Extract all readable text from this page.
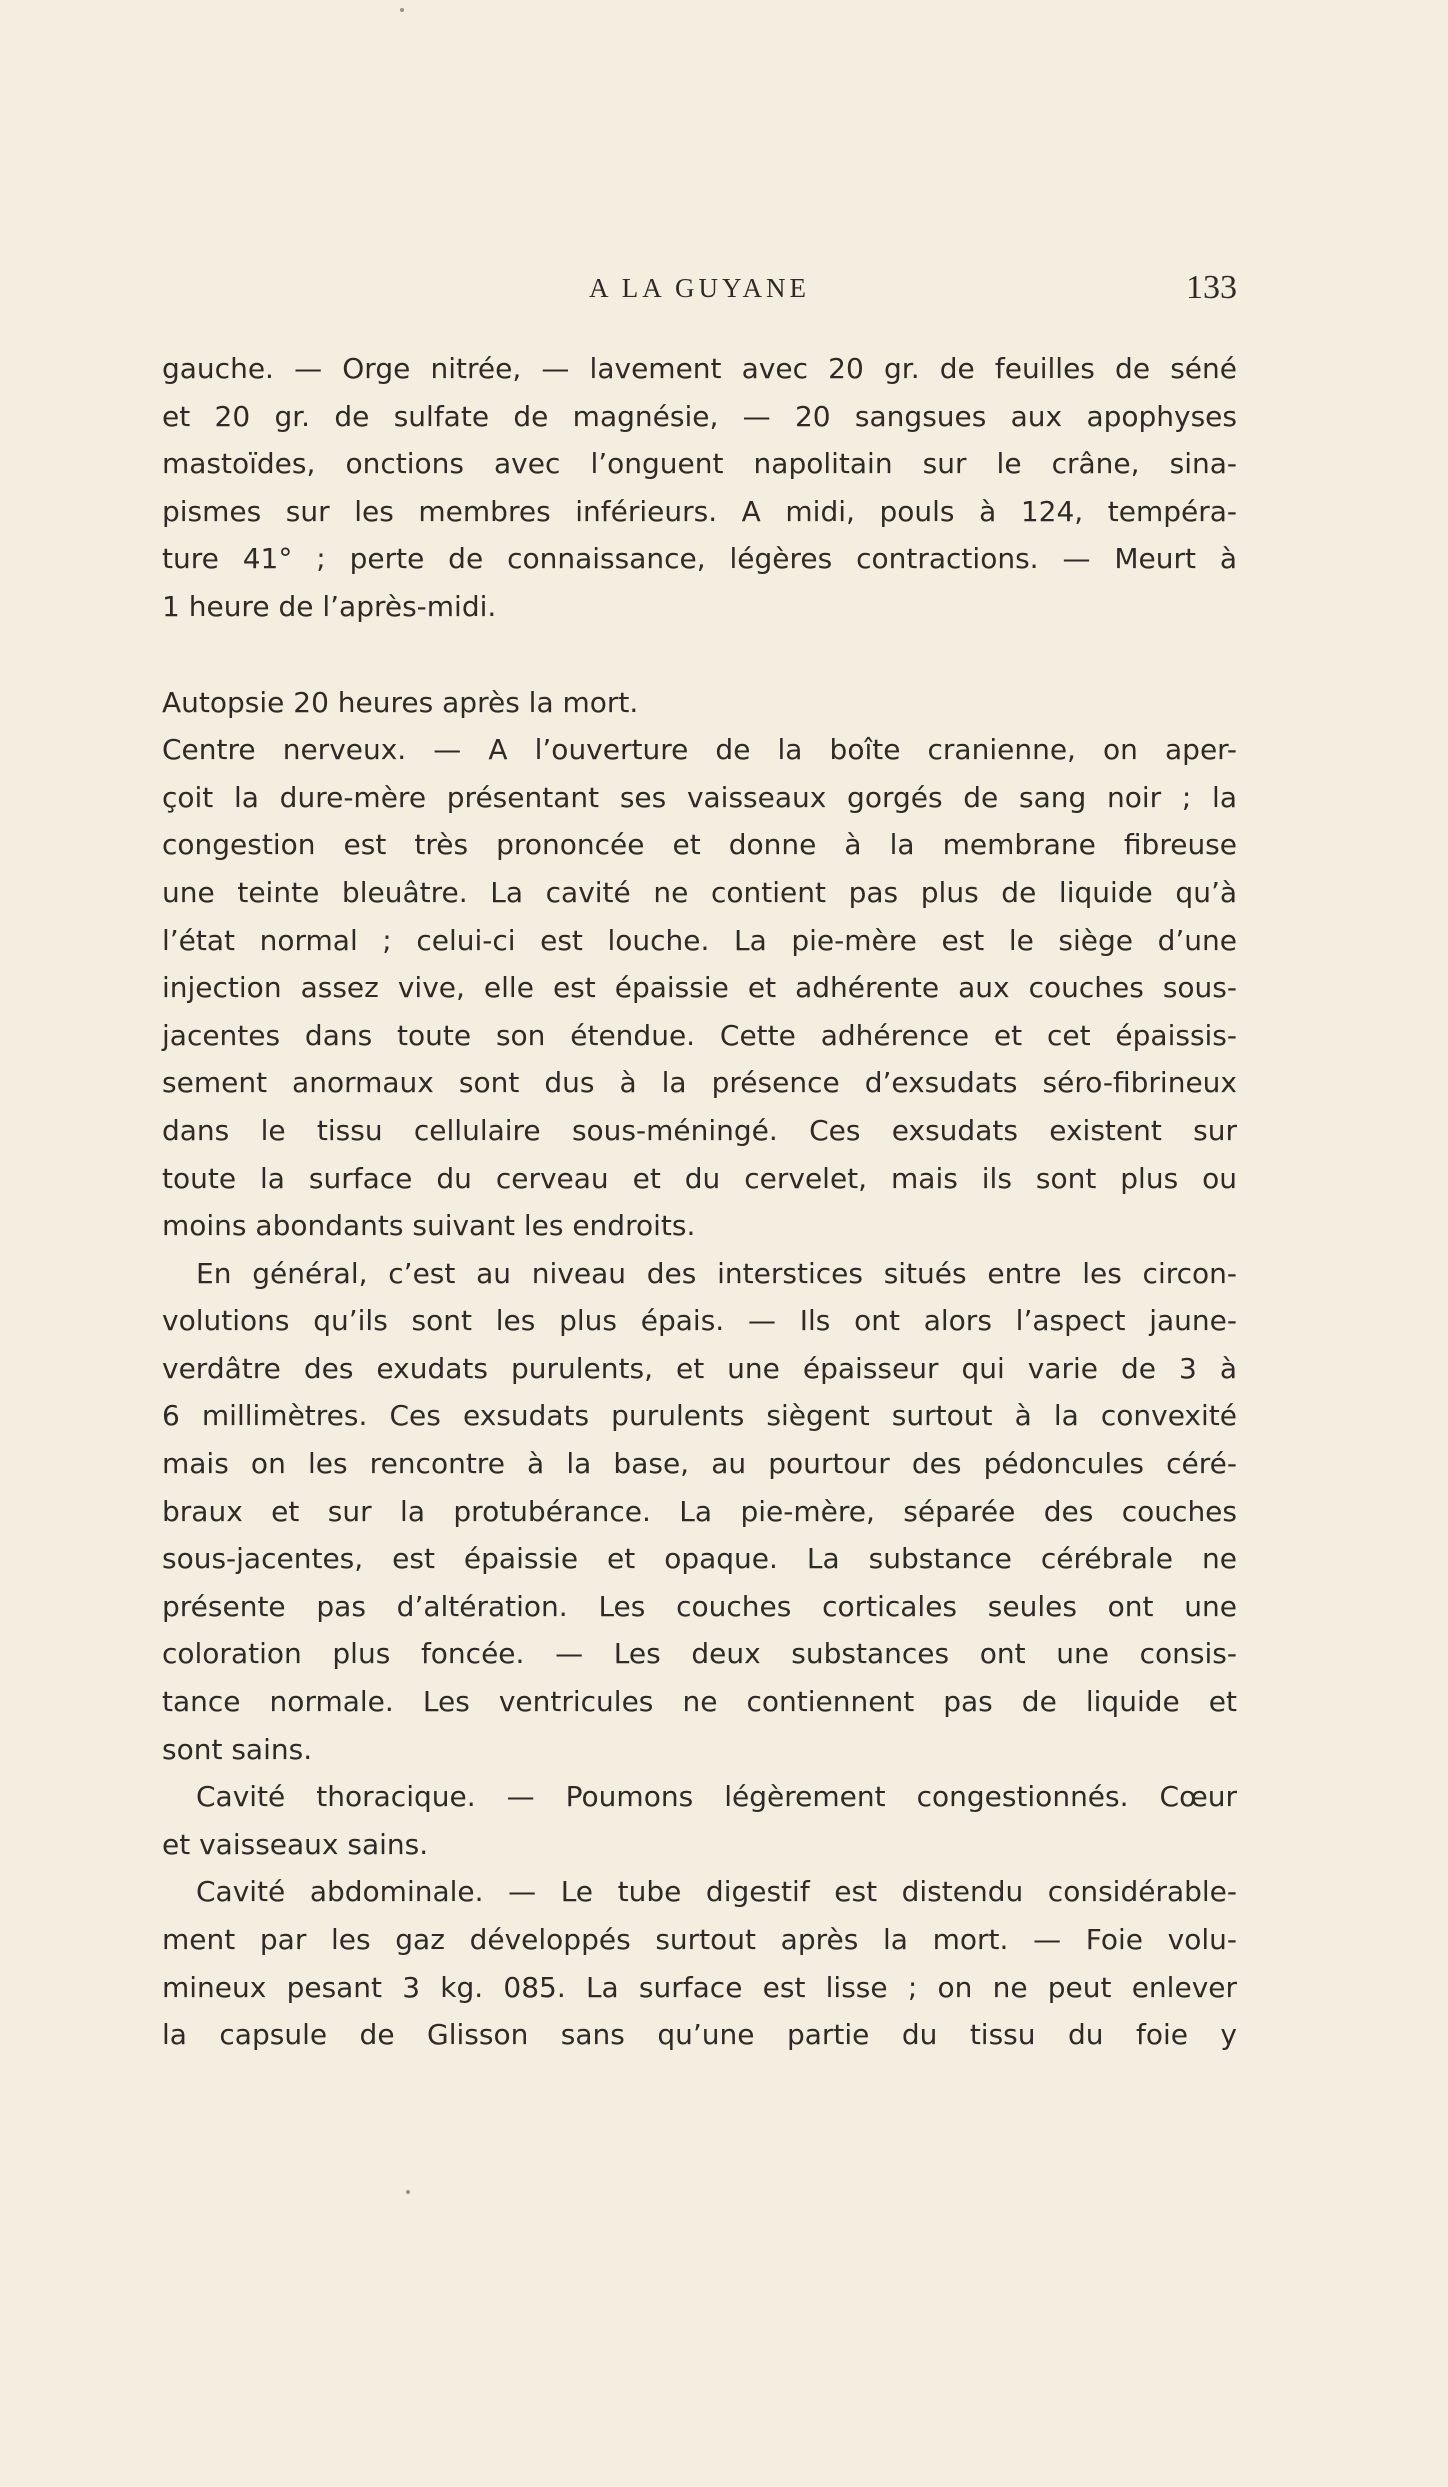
A LA GUYANE	133
gauche. — Orge nitrée, — lavement avec 20 gr. de feuilles de séné
et 20 gr. de sulfate de magnésie, — 20 sangsues aux apophyses
mastoïdes, onctions avec l’onguent napolitain sur le crâne, sina-
pismes sur les membres inférieurs. A midi, pouls à 124, tempéra-
ture 41° ; perte de connaissance, légères contractions. — Meurt à
1 heure de l’après-midi.
Autopsie 20 heures après la mort.
Centre nerveux. — A l’ouverture de la boîte cranienne, on aper-
çoit la dure-mère présentant ses vaisseaux gorgés de sang noir ; la
congestion est très prononcée et donne à la membrane fibreuse
une teinte bleuâtre. La cavité ne contient pas plus de liquide qu’à
l’état normal ; celui-ci est louche. La pie-mère est le siège d’une
injection assez vive, elle est épaissie et adhérente aux couches sous-
jacentes dans toute son étendue. Cette adhérence et cet épaissis-
sement anormaux sont dus à la présence d’exsudats séro-fibrineux
dans le tissu cellulaire sous-méningé. Ces exsudats existent sur
toute la surface du cerveau et du cervelet, mais ils sont plus ou
moins abondants suivant les endroits.
En général, c’est au niveau des interstices situés entre les circon-
volutions qu’ils sont les plus épais. — Ils ont alors l’aspect jaune-
verdâtre des exudats purulents, et une épaisseur qui varie de 3 à
6 millimètres. Ces exsudats purulents siègent surtout à la convexité
mais on les rencontre à la base, au pourtour des pédoncules céré-
braux et sur la protubérance. La pie-mère, séparée des couches
sous-jacentes, est épaissie et opaque. La substance cérébrale ne
présente pas d’altération. Les couches corticales seules ont une
coloration plus foncée. — Les deux substances ont une consis-
tance normale. Les ventricules ne contiennent pas de liquide et
sont sains.
Cavité thoracique. — Poumons légèrement congestionnés. Cœur
et vaisseaux sains.
Cavité abdominale. — Le tube digestif est distendu considérable-
ment par les gaz développés surtout après la mort. — Foie volu-
mineux pesant 3 kg. 085. La surface est lisse ; on ne peut enlever
la capsule de Glisson sans qu’une partie du tissu du foie y
